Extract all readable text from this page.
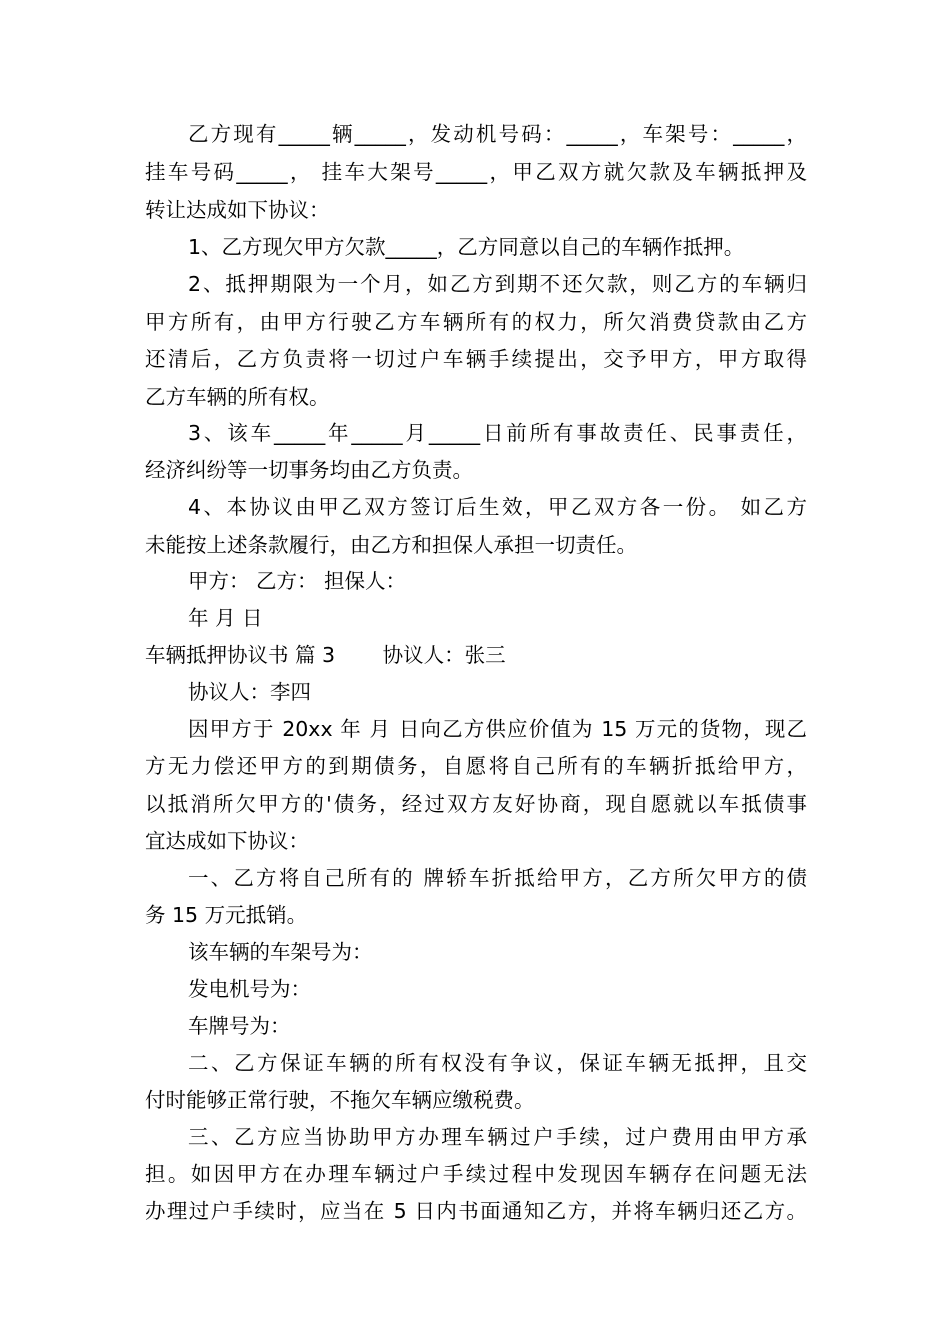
乙方现有_____辆_____，发动机号码：_____，车架号：_____，
挂车号码_____， 挂车大架号_____，甲乙双方就欠款及车辆抵押及
转让达成如下协议：
1、乙方现欠甲方欠款_____，乙方同意以自己的车辆作抵押。
2、抵押期限为一个月，如乙方到期不还欠款，则乙方的车辆归
甲方所有，由甲方行驶乙方车辆所有的权力，所欠消费贷款由乙方
还清后，乙方负责将一切过户车辆手续提出，交予甲方，甲方取得
乙方车辆的所有权。
3、该车_____年_____月_____日前所有事故责任、民事责任，
经济纠纷等一切事务均由乙方负责。
4、本协议由甲乙双方签订后生效，甲乙双方各一份。 如乙方
未能按上述条款履行，由乙方和担保人承担一切责任。
甲方： 乙方： 担保人：
年 月 日
车辆抵押协议书 篇 3　　 协议人：张三
协议人：李四
因甲方于 20xx 年 月 日向乙方供应价值为 15 万元的货物，现乙
方无力偿还甲方的到期债务，自愿将自己所有的车辆折抵给甲方，
以抵消所欠甲方的'债务，经过双方友好协商，现自愿就以车抵债事
宜达成如下协议：
一、乙方将自己所有的 牌轿车折抵给甲方，乙方所欠甲方的债
务 15 万元抵销。
该车辆的车架号为：
发电机号为：
车牌号为：
二、乙方保证车辆的所有权没有争议，保证车辆无抵押，且交
付时能够正常行驶，不拖欠车辆应缴税费。
三、乙方应当协助甲方办理车辆过户手续，过户费用由甲方承
担。如因甲方在办理车辆过户手续过程中发现因车辆存在问题无法
办理过户手续时，应当在 5 日内书面通知乙方，并将车辆归还乙方。
